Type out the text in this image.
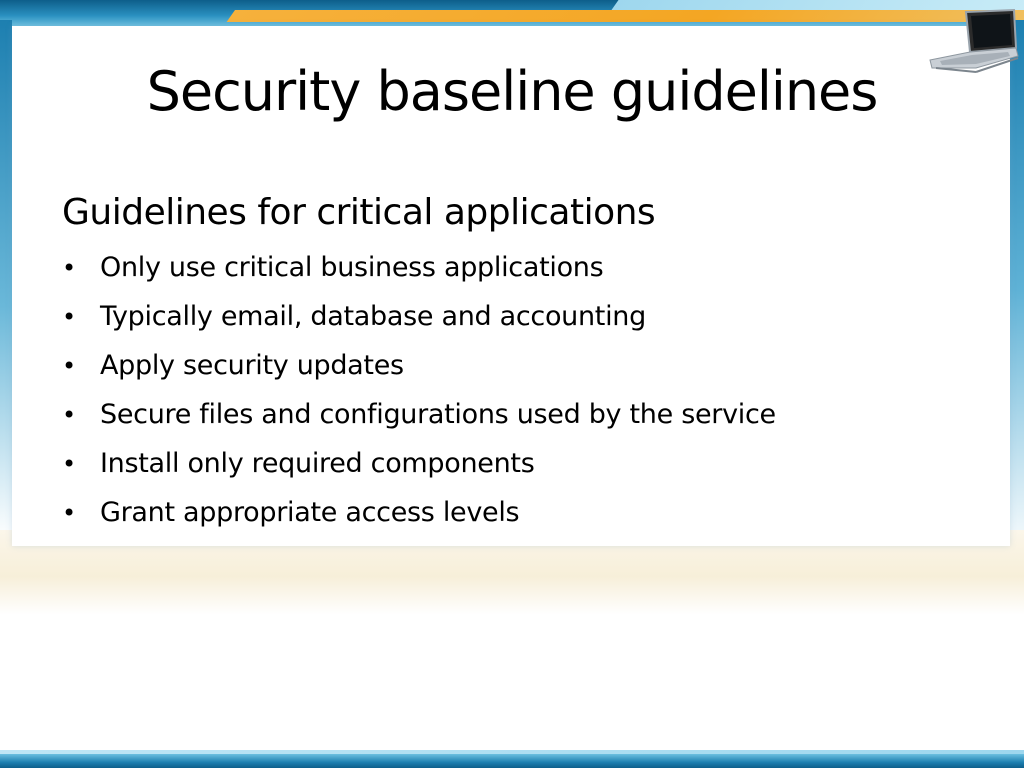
Security baseline guidelines
Guidelines for critical applications
• Only use critical business applications
• Typically email, database and accounting
• Apply security updates
• Secure files and configurations used by the service
• Install only required components
• Grant appropriate access levels
